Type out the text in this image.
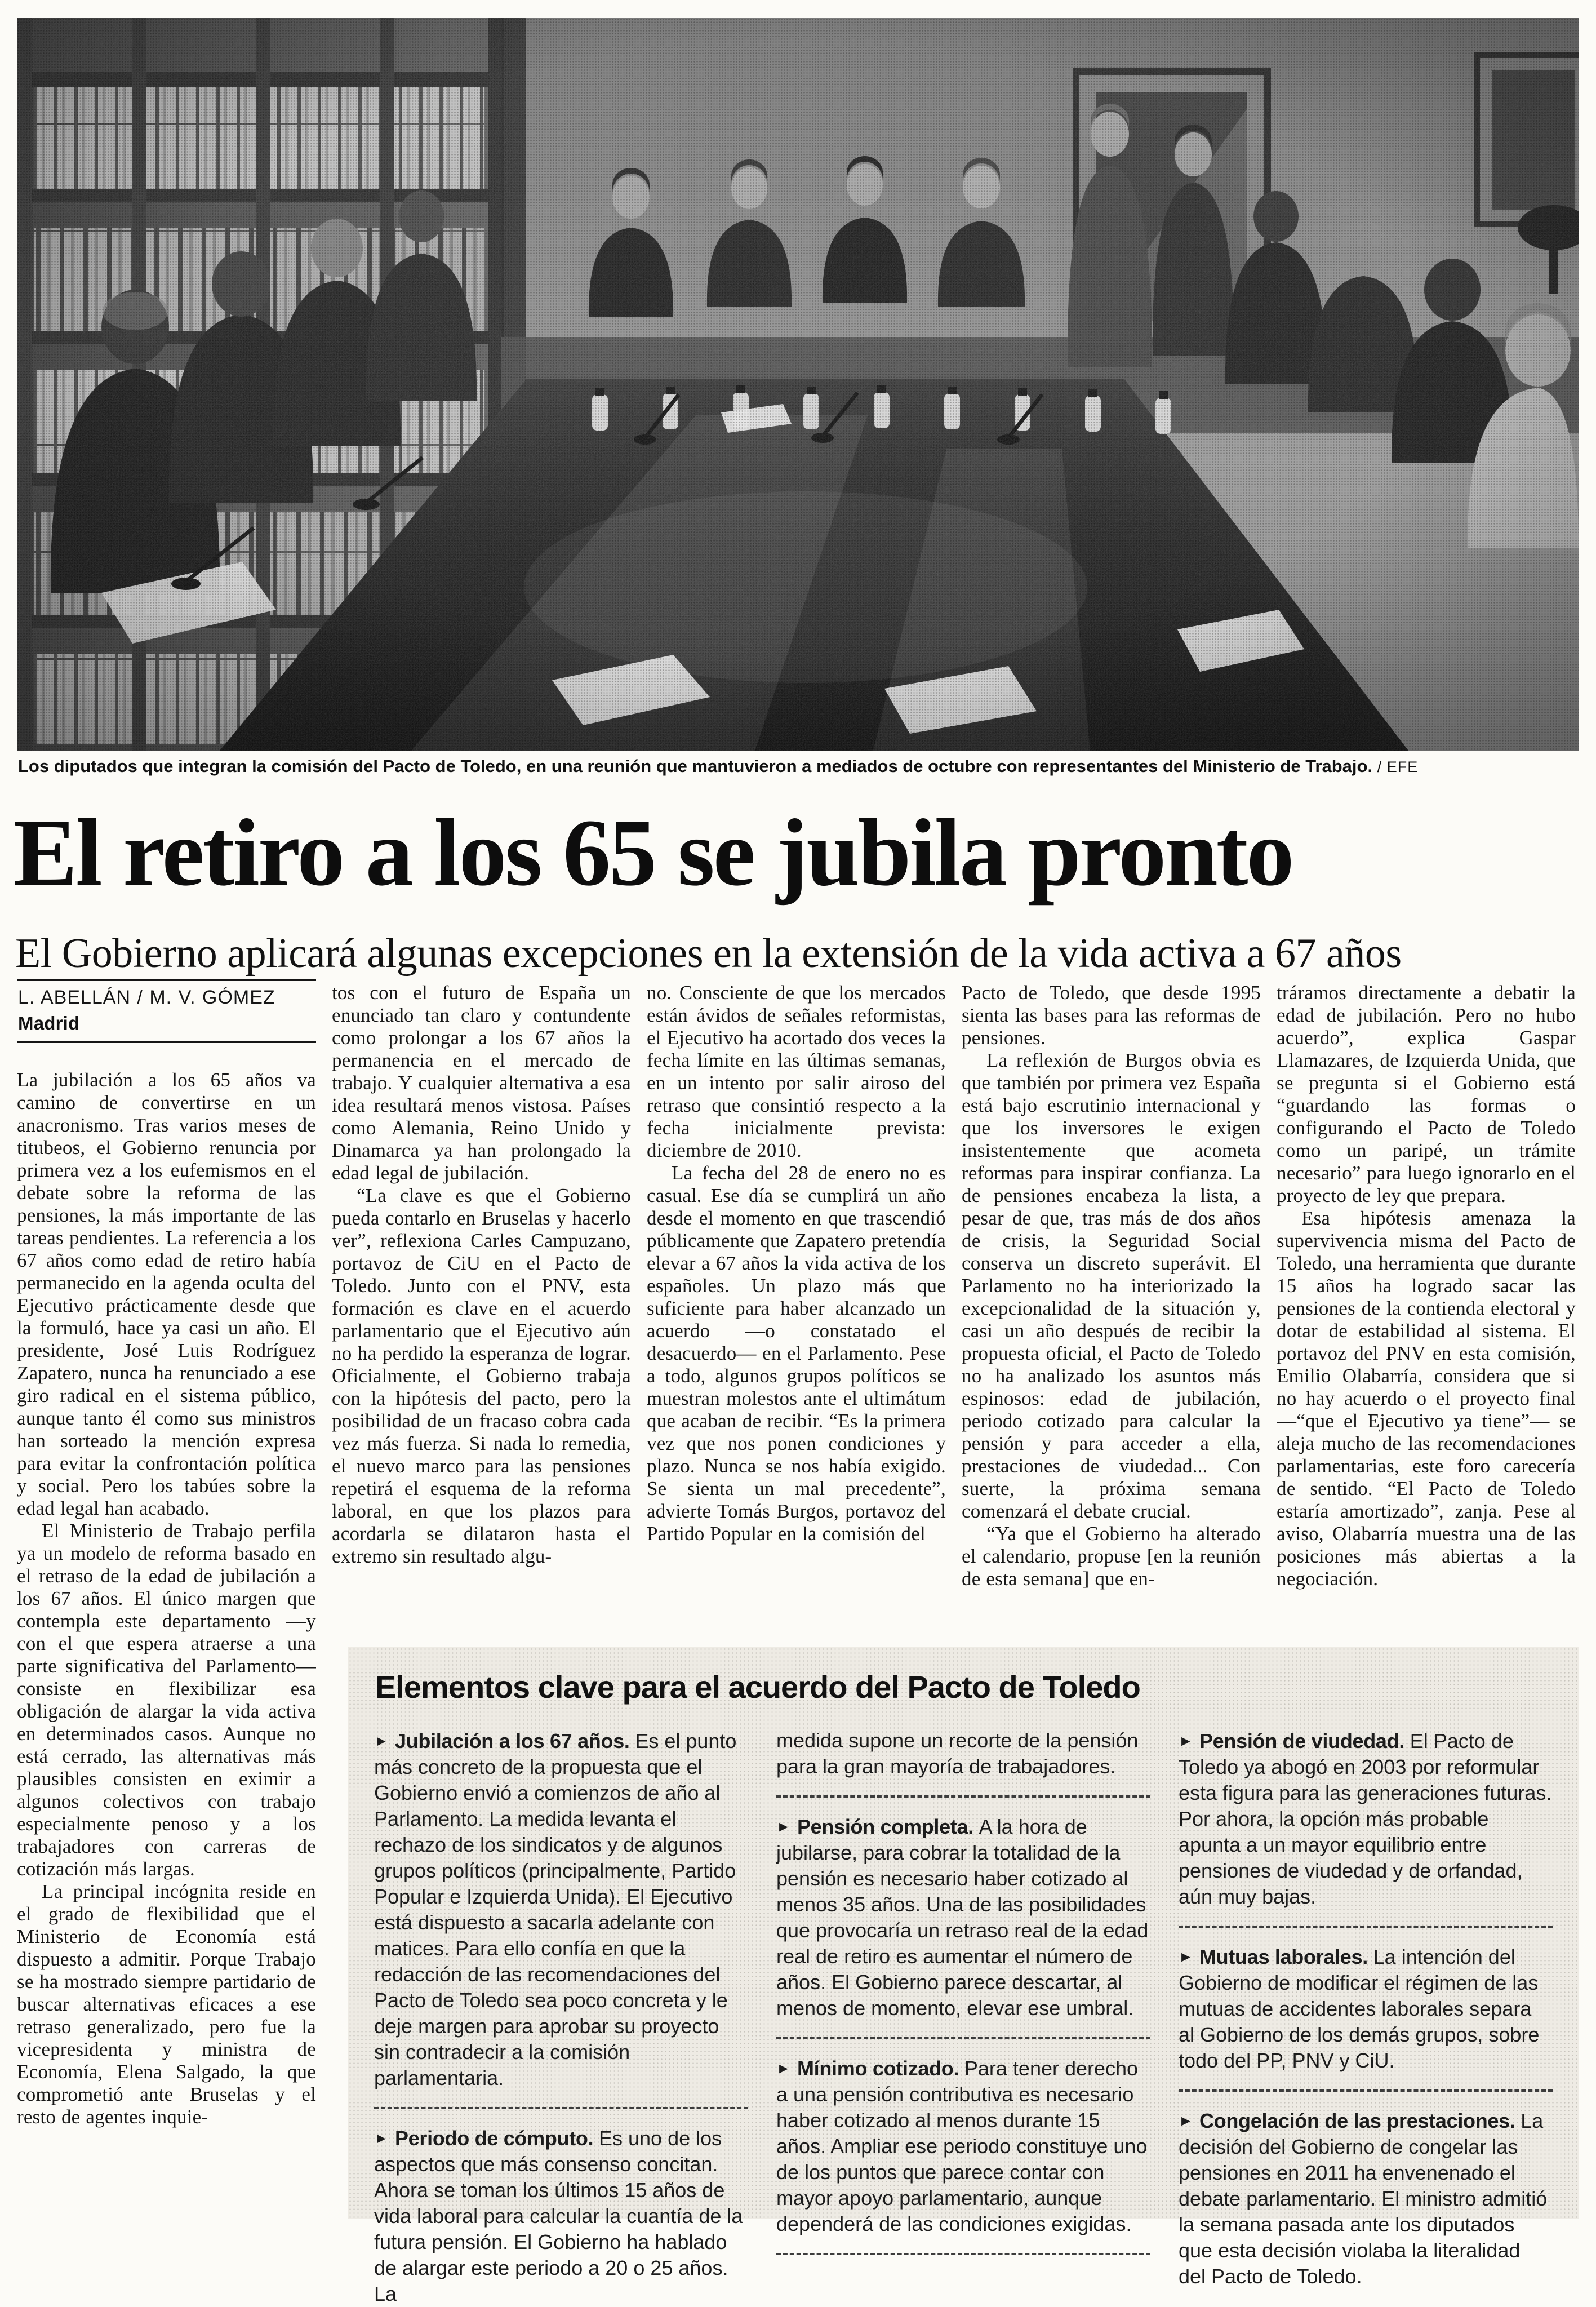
Los diputados que integran la comisión del Pacto de Toledo, en una reunión que mantuvieron a mediados de octubre con representantes del Ministerio de Trabajo. / EFE
El retiro a los 65 se jubila pronto
El Gobierno aplicará algunas excepciones en la extensión de la vida activa a 67 años
L. ABELLÁN / M. V. GÓMEZ
Madrid

La jubilación a los 65 años va camino de convertirse en un anacronismo. Tras varios meses de titubeos, el Gobierno renuncia por primera vez a los eufemismos en el debate sobre la reforma de las pensiones, la más importante de las tareas pendientes. La referencia a los 67 años como edad de retiro había permanecido en la agenda oculta del Ejecutivo prácticamente desde que la formuló, hace ya casi un año. El presidente, José Luis Rodríguez Zapatero, nunca ha renunciado a ese giro radical en el sistema público, aunque tanto él como sus ministros han sorteado la mención expresa para evitar la confrontación política y social. Pero los tabúes sobre la edad legal han acabado.

El Ministerio de Trabajo perfila ya un modelo de reforma basado en el retraso de la edad de jubilación a los 67 años. El único margen que contempla este departamento —y con el que espera atraerse a una parte significativa del Parlamento— consiste en flexibilizar esa obligación de alargar la vida activa en determinados casos. Aunque no está cerrado, las alternativas más plausibles consisten en eximir a algunos colectivos con trabajo especialmente penoso y a los trabajadores con carreras de cotización más largas.

La principal incógnita reside en el grado de flexibilidad que el Ministerio de Economía está dispuesto a admitir. Porque Trabajo se ha mostrado siempre partidario de buscar alternativas eficaces a ese retraso generalizado, pero fue la vicepresidenta y ministra de Economía, Elena Salgado, la que comprometió ante Bruselas y el resto de agentes inquie-

tos con el futuro de España un enunciado tan claro y contundente como prolongar a los 67 años la permanencia en el mercado de trabajo. Y cualquier alternativa a esa idea resultará menos vistosa. Países como Alemania, Reino Unido y Dinamarca ya han prolongado la edad legal de jubilación.

“La clave es que el Gobierno pueda contarlo en Bruselas y hacerlo ver”, reflexiona Carles Campuzano, portavoz de CiU en el Pacto de Toledo. Junto con el PNV, esta formación es clave en el acuerdo parlamentario que el Ejecutivo aún no ha perdido la esperanza de lograr. Oficialmente, el Gobierno trabaja con la hipótesis del pacto, pero la posibilidad de un fracaso cobra cada vez más fuerza. Si nada lo remedia, el nuevo marco para las pensiones repetirá el esquema de la reforma laboral, en que los plazos para acordarla se dilataron hasta el extremo sin resultado algu-

no. Consciente de que los mercados están ávidos de señales reformistas, el Ejecutivo ha acortado dos veces la fecha límite en las últimas semanas, en un intento por salir airoso del retraso que consintió respecto a la fecha inicialmente prevista: diciembre de 2010.

La fecha del 28 de enero no es casual. Ese día se cumplirá un año desde el momento en que trascendió públicamente que Zapatero pretendía elevar a 67 años la vida activa de los españoles. Un plazo más que suficiente para haber alcanzado un acuerdo —o constatado el desacuerdo— en el Parlamento. Pese a todo, algunos grupos políticos se muestran molestos ante el ultimátum que acaban de recibir. “Es la primera vez que nos ponen condiciones y plazo. Nunca se nos había exigido. Se sienta un mal precedente”, advierte Tomás Burgos, portavoz del Partido Popular en la comisión del

Pacto de Toledo, que desde 1995 sienta las bases para las reformas de pensiones.

La reflexión de Burgos obvia es que también por primera vez España está bajo escrutinio internacional y que los inversores le exigen insistentemente que acometa reformas para inspirar confianza. La de pensiones encabeza la lista, a pesar de que, tras más de dos años de crisis, la Seguridad Social conserva un discreto superávit. El Parlamento no ha interiorizado la excepcionalidad de la situación y, casi un año después de recibir la propuesta oficial, el Pacto de Toledo no ha analizado los asuntos más espinosos: edad de jubilación, periodo cotizado para calcular la pensión y para acceder a ella, prestaciones de viudedad... Con suerte, la próxima semana comenzará el debate crucial.

“Ya que el Gobierno ha alterado el calendario, propuse [en la reunión de esta semana] que en-

tráramos directamente a debatir la edad de jubilación. Pero no hubo acuerdo”, explica Gaspar Llamazares, de Izquierda Unida, que se pregunta si el Gobierno está “guardando las formas o configurando el Pacto de Toledo como un paripé, un trámite necesario” para luego ignorarlo en el proyecto de ley que prepara.

Esa hipótesis amenaza la supervivencia misma del Pacto de Toledo, una herramienta que durante 15 años ha logrado sacar las pensiones de la contienda electoral y dotar de estabilidad al sistema. El portavoz del PNV en esta comisión, Emilio Olabarría, considera que si no hay acuerdo o el proyecto final —“que el Ejecutivo ya tiene”— se aleja mucho de las recomendaciones parlamentarias, este foro carecería de sentido. “El Pacto de Toledo estaría amortizado”, zanja. Pese al aviso, Olabarría muestra una de las posiciones más abiertas a la negociación.

Elementos clave para el acuerdo del Pacto de Toledo
► Jubilación a los 67 años. Es el punto más concreto de la propuesta que el Gobierno envió a comienzos de año al Parlamento. La medida levanta el rechazo de los sindicatos y de algunos grupos políticos (principalmente, Partido Popular e Izquierda Unida). El Ejecutivo está dispuesto a sacarla adelante con matices. Para ello confía en que la redacción de las recomendaciones del Pacto de Toledo sea poco concreta y le deje margen para aprobar su proyecto sin contradecir a la comisión parlamentaria.
► Periodo de cómputo. Es uno de los aspectos que más consenso concitan. Ahora se toman los últimos 15 años de vida laboral para calcular la cuantía de la futura pensión. El Gobierno ha hablado de alargar este periodo a 20 o 25 años. La
medida supone un recorte de la pensión para la gran mayoría de trabajadores.
► Pensión completa. A la hora de jubilarse, para cobrar la totalidad de la pensión es necesario haber cotizado al menos 35 años. Una de las posibilidades que provocaría un retraso real de la edad real de retiro es aumentar el número de años. El Gobierno parece descartar, al menos de momento, elevar ese umbral.
► Mínimo cotizado. Para tener derecho a una pensión contributiva es necesario haber cotizado al menos durante 15 años. Ampliar ese periodo constituye uno de los puntos que parece contar con mayor apoyo parlamentario, aunque dependerá de las condiciones exigidas.
► Pensión de viudedad. El Pacto de Toledo ya abogó en 2003 por reformular esta figura para las generaciones futuras. Por ahora, la opción más probable apunta a un mayor equilibrio entre pensiones de viudedad y de orfandad, aún muy bajas.
► Mutuas laborales. La intención del Gobierno de modificar el régimen de las mutuas de accidentes laborales separa al Gobierno de los demás grupos, sobre todo del PP, PNV y CiU.
► Congelación de las prestaciones. La decisión del Gobierno de congelar las pensiones en 2011 ha envenenado el debate parlamentario. El ministro admitió la semana pasada ante los diputados que esta decisión violaba la literalidad del Pacto de Toledo.
